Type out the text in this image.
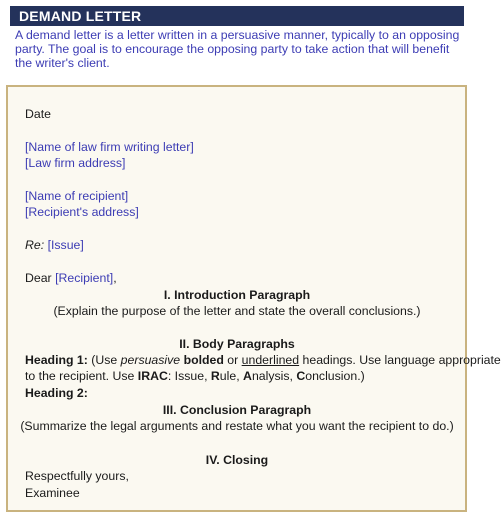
DEMAND LETTER
A demand letter is a letter written in a persuasive manner, typically to an opposing party. The goal is to encourage the opposing party to take action that will benefit the writer's client.
Date
[Name of law firm writing letter]
[Law firm address]
[Name of recipient]
[Recipient's address]
Re: [Issue]
Dear [Recipient],
I. Introduction Paragraph
(Explain the purpose of the letter and state the overall conclusions.)
II. Body Paragraphs
Heading 1: (Use persuasive bolded or underlined headings. Use language appropriate
to the recipient. Use IRAC: Issue, Rule, Analysis, Conclusion.)
Heading 2:
III. Conclusion Paragraph
(Summarize the legal arguments and restate what you want the recipient to do.)
IV. Closing
Respectfully yours,
Examinee
